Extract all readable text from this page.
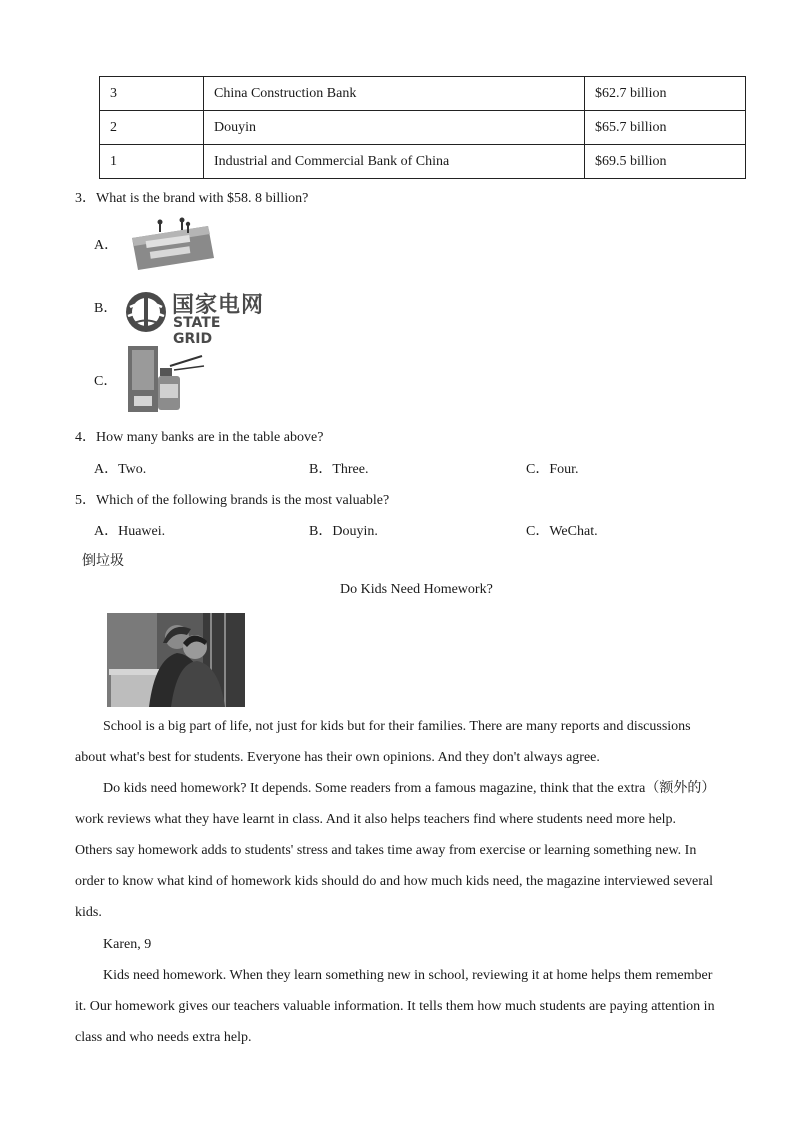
3	China Construction Bank	$62.7 billion
2	Douyin	$65.7 billion
1	Industrial and Commercial Bank of China	$69.5 billion
3．What is the brand with $58. 8 billion?
A．
B． 国家电网
STATE GRID
C．
4．How many banks are in the table above?
A．Two.	B．Three.	C．Four.
5．Which of the following brands is the most valuable?
A．Huawei.	B．Douyin.	C．WeChat.
倒垃圾
Do Kids Need Homework?
School is a big part of life, not just for kids but for their families. There are many reports and discussions
about what's best for students. Everyone has their own opinions. And they don't always agree.
Do kids need homework? It depends. Some readers from a famous magazine, think that the extra（额外的）
work reviews what they have learnt in class. And it also helps teachers find where students need more help.
Others say homework adds to students' stress and takes time away from exercise or learning something new. In
order to know what kind of homework kids should do and how much kids need, the magazine interviewed several
kids.
Karen, 9
Kids need homework. When they learn something new in school, reviewing it at home helps them remember
it. Our homework gives our teachers valuable information. It tells them how much students are paying attention in
class and who needs extra help.
